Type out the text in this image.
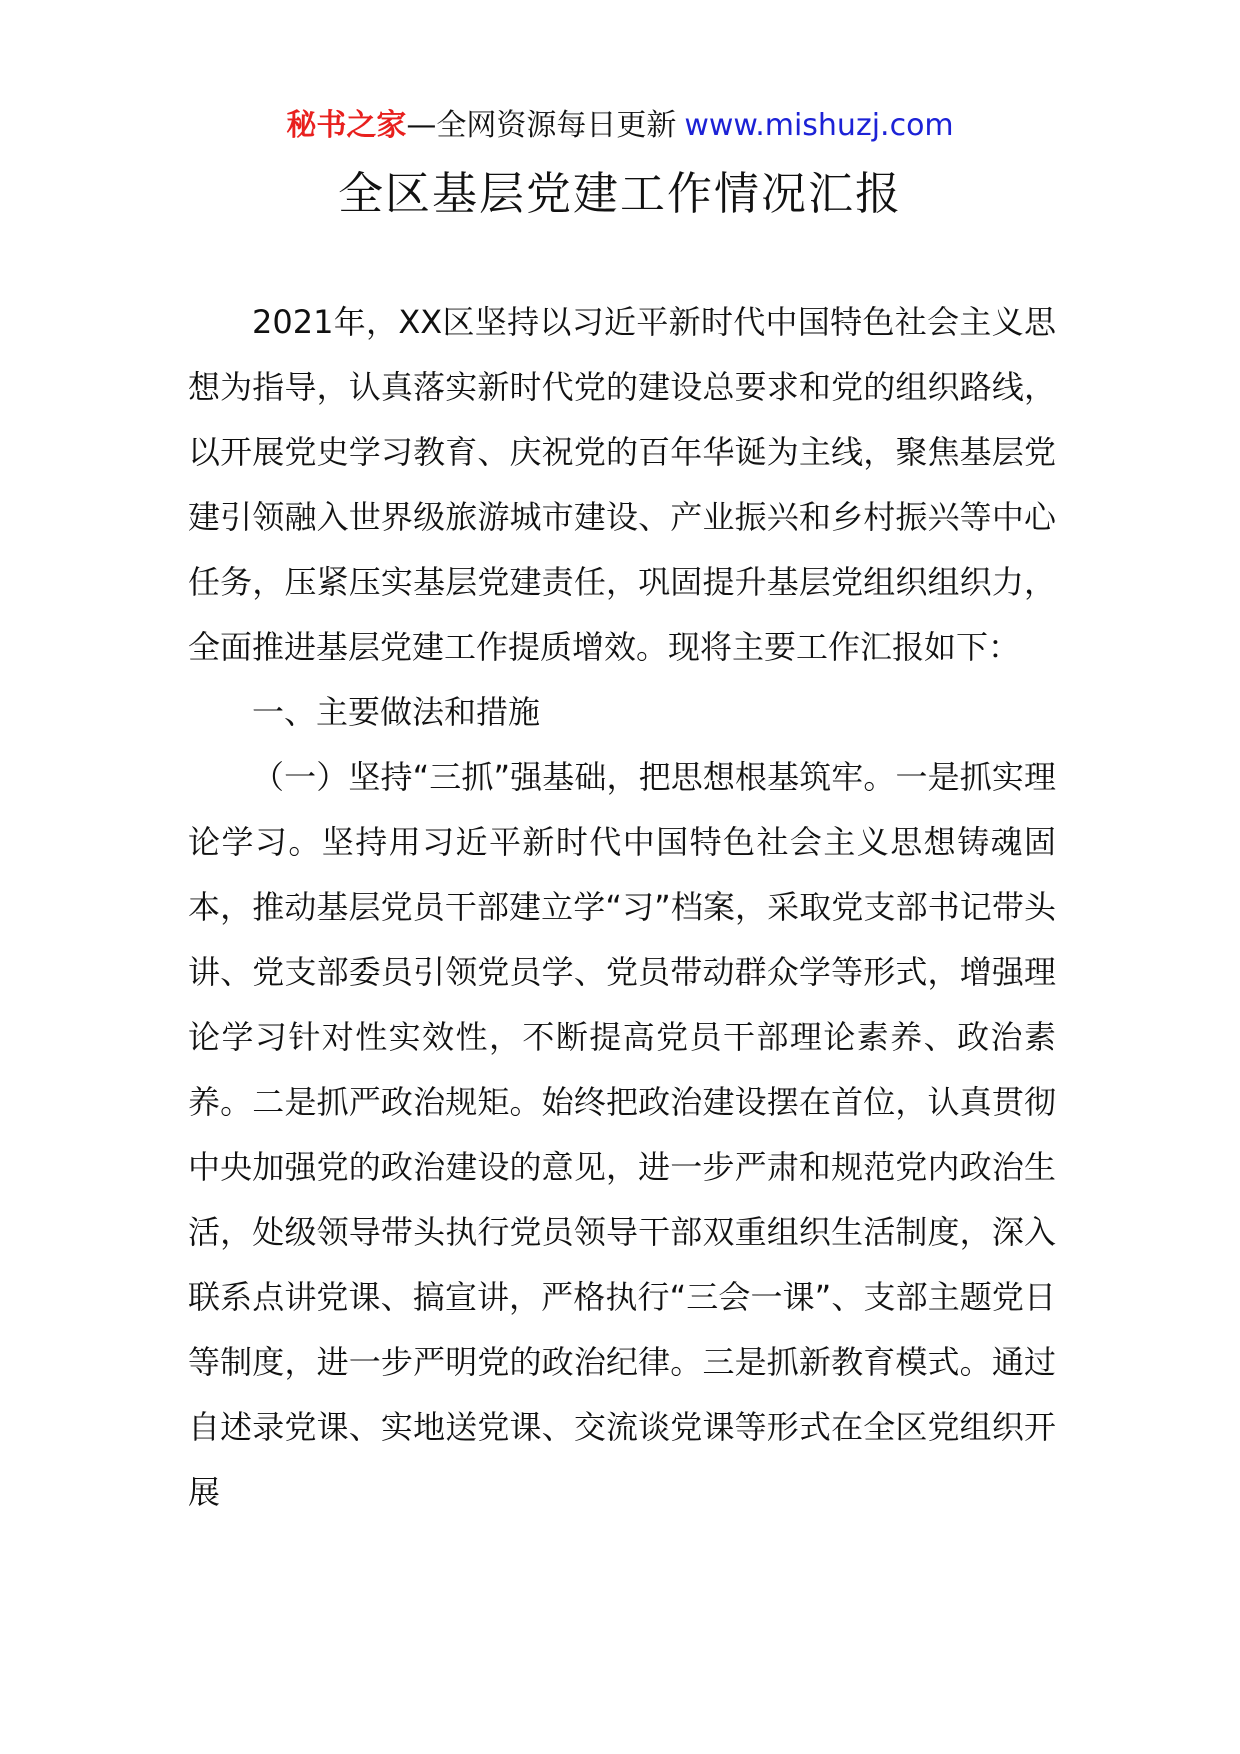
秘书之家—全网资源每日更新 www.mishuzj.com
全区基层党建工作情况汇报

2021年，XX区坚持以习近平新时代中国特色社会主义思想为指导，认真落实新时代党的建设总要求和党的组织路线，以开展党史学习教育、庆祝党的百年华诞为主线，聚焦基层党建引领融入世界级旅游城市建设、产业振兴和乡村振兴等中心任务，压紧压实基层党建责任，巩固提升基层党组织组织力，全面推进基层党建工作提质增效。现将主要工作汇报如下：

一、主要做法和措施

（一）坚持“三抓”强基础，把思想根基筑牢。一是抓实理论学习。坚持用习近平新时代中国特色社会主义思想铸魂固本，推动基层党员干部建立学“习”档案，采取党支部书记带头讲、党支部委员引领党员学、党员带动群众学等形式，增强理论学习针对性实效性，不断提高党员干部理论素养、政治素养。二是抓严政治规矩。始终把政治建设摆在首位，认真贯彻中央加强党的政治建设的意见，进一步严肃和规范党内政治生活，处级领导带头执行党员领导干部双重组织生活制度，深入联系点讲党课、搞宣讲，严格执行“三会一课”、支部主题党日等制度，进一步严明党的政治纪律。三是抓新教育模式。通过自述录党课、实地送党课、交流谈党课等形式在全区党组织开展
